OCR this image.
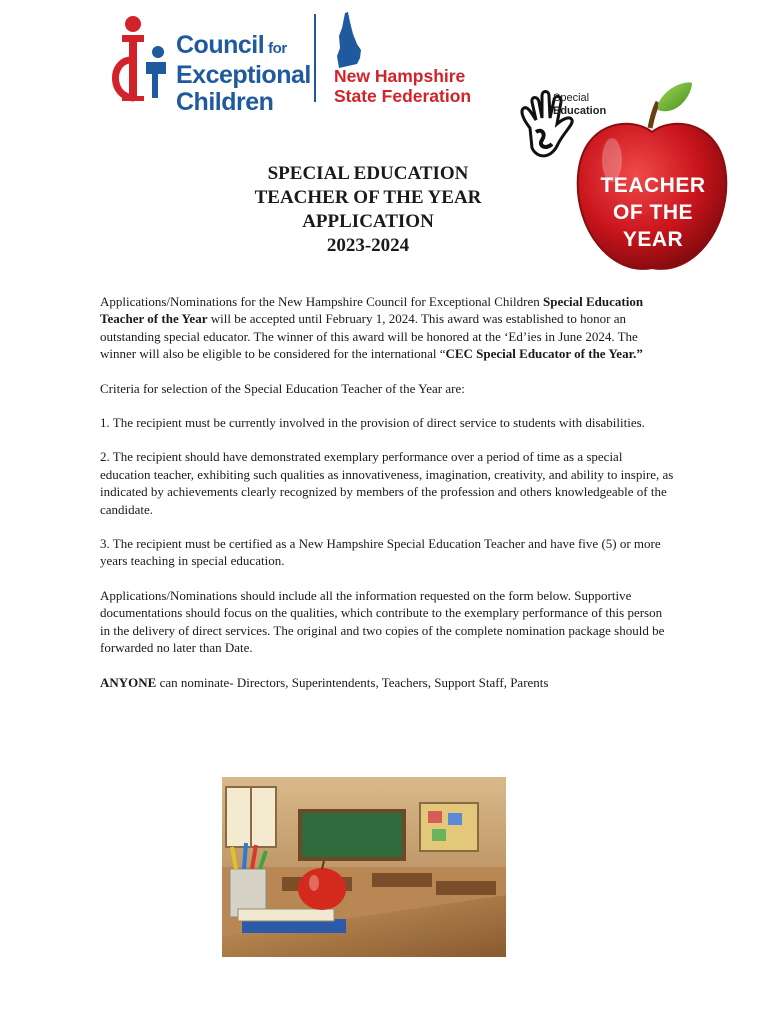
Council for
Exceptional
Children
New Hampshire
State Federation	Special
Education
TEACHER
OF THE
YEAR
SPECIAL EDUCATION
TEACHER OF THE YEAR
APPLICATION
2023-2024

Applications/Nominations for the New Hampshire Council for Exceptional Children Special Education Teacher of the Year will be accepted until February 1, 2024. This award was established to honor an outstanding special educator. The winner of this award will be honored at the ‘Ed’ies in June 2024. The winner will also be eligible to be considered for the international “CEC Special Educator of the Year.”

Criteria for selection of the Special Education Teacher of the Year are:

1. The recipient must be currently involved in the provision of direct service to students with disabilities.

2. The recipient should have demonstrated exemplary performance over a period of time as a special education teacher, exhibiting such qualities as innovativeness, imagination, creativity, and ability to inspire, as indicated by achievements clearly recognized by members of the profession and others knowledgeable of the candidate.

3. The recipient must be certified as a New Hampshire Special Education Teacher and have five (5) or more years teaching in special education.

Applications/Nominations should include all the information requested on the form below. Supportive documentations should focus on the qualities, which contribute to the exemplary performance of this person in the delivery of direct services. The original and two copies of the complete nomination package should be forwarded no later than Date.

ANYONE can nominate- Directors, Superintendents, Teachers, Support Staff, Parents
